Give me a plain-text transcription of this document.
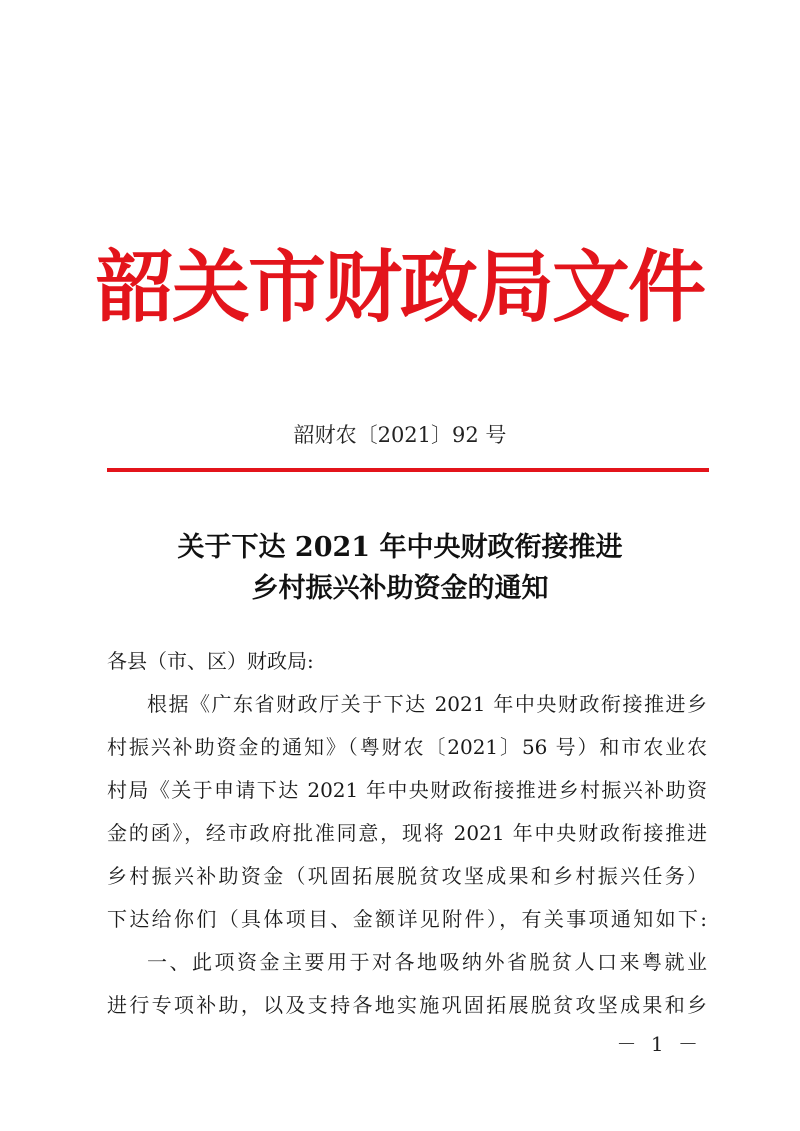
韶关市财政局文件
韶财农〔2021〕92 号
关于下达 2021 年中央财政衔接推进
乡村振兴补助资金的通知
各县（市、区）财政局:
根据《广东省财政厅关于下达 2021 年中央财政衔接推进乡
村振兴补助资金的通知》（粤财农〔2021〕56 号）和市农业农
村局《关于申请下达 2021 年中央财政衔接推进乡村振兴补助资
金的函》，经市政府批准同意，现将 2021 年中央财政衔接推进
乡村振兴补助资金（巩固拓展脱贫攻坚成果和乡村振兴任务）
下达给你们（具体项目、金额详见附件），有关事项通知如下:
一、此项资金主要用于对各地吸纳外省脱贫人口来粤就业
进行专项补助，以及支持各地实施巩固拓展脱贫攻坚成果和乡
－ 1 －
